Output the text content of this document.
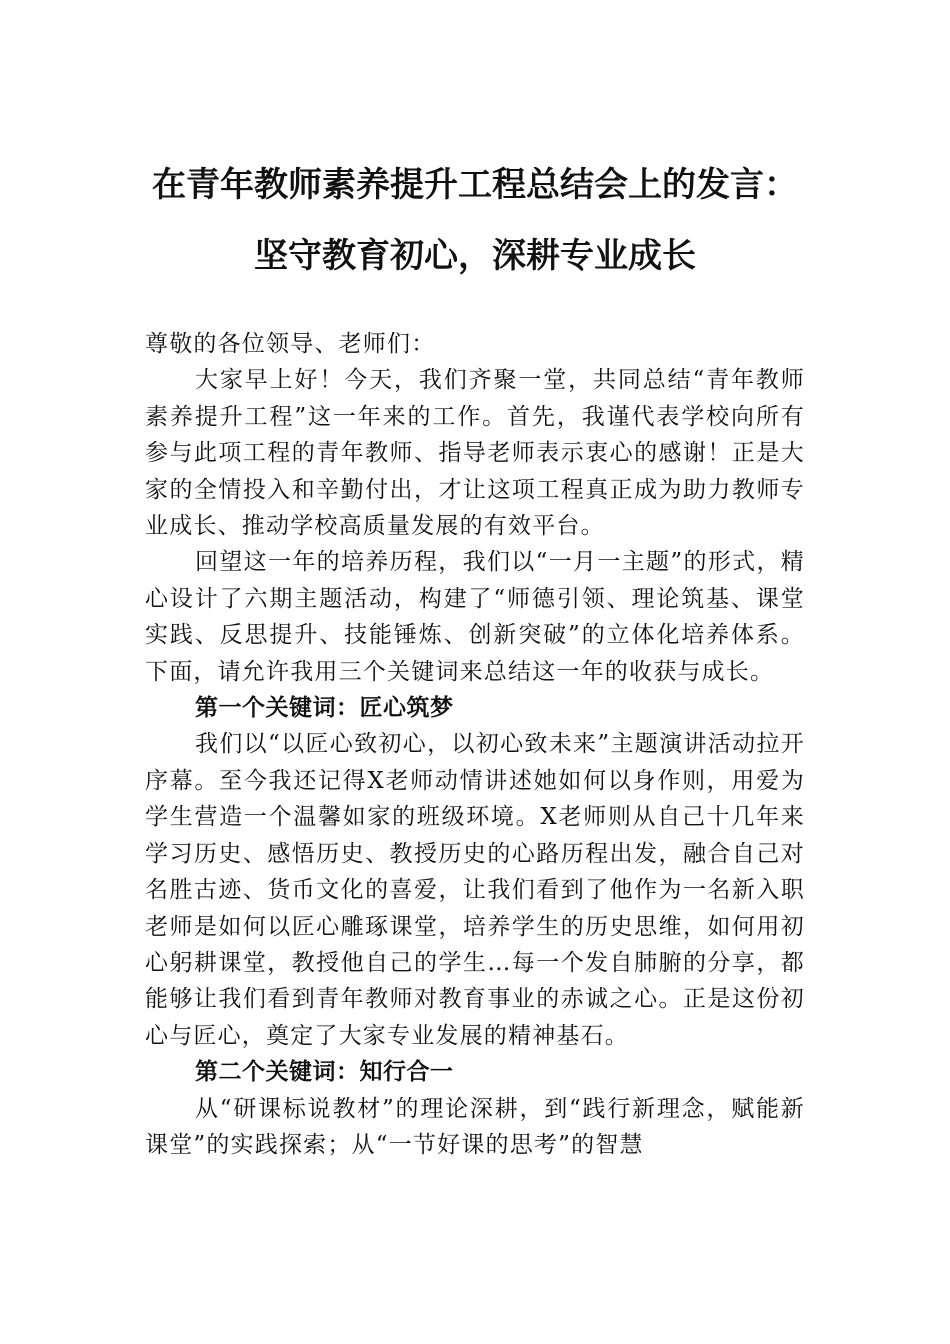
在青年教师素养提升工程总结会上的发言：
坚守教育初心，深耕专业成长

尊敬的各位领导、老师们：

大家早上好！今天，我们齐聚一堂，共同总结“青年教师素养提升工程”这一年来的工作。首先，我谨代表学校向所有参与此项工程的青年教师、指导老师表示衷心的感谢！正是大家的全情投入和辛勤付出，才让这项工程真正成为助力教师专业成长、推动学校高质量发展的有效平台。

回望这一年的培养历程，我们以“一月一主题”的形式，精心设计了六期主题活动，构建了“师德引领、理论筑基、课堂实践、反思提升、技能锤炼、创新突破”的立体化培养体系。下面，请允许我用三个关键词来总结这一年的收获与成长。

第一个关键词：匠心筑梦

我们以“以匠心致初心，以初心致未来”主题演讲活动拉开序幕。至今我还记得X老师动情讲述她如何以身作则，用爱为学生营造一个温馨如家的班级环境。X老师则从自己十几年来学习历史、感悟历史、教授历史的心路历程出发，融合自己对名胜古迹、货币文化的喜爱，让我们看到了他作为一名新入职老师是如何以匠心雕琢课堂，培养学生的历史思维，如何用初心躬耕课堂，教授他自己的学生…每一个发自肺腑的分享，都能够让我们看到青年教师对教育事业的赤诚之心。正是这份初心与匠心，奠定了大家专业发展的精神基石。

第二个关键词：知行合一

从“研课标说教材”的理论深耕，到“践行新理念，赋能新课堂”的实践探索；从“一节好课的思考”的智慧
